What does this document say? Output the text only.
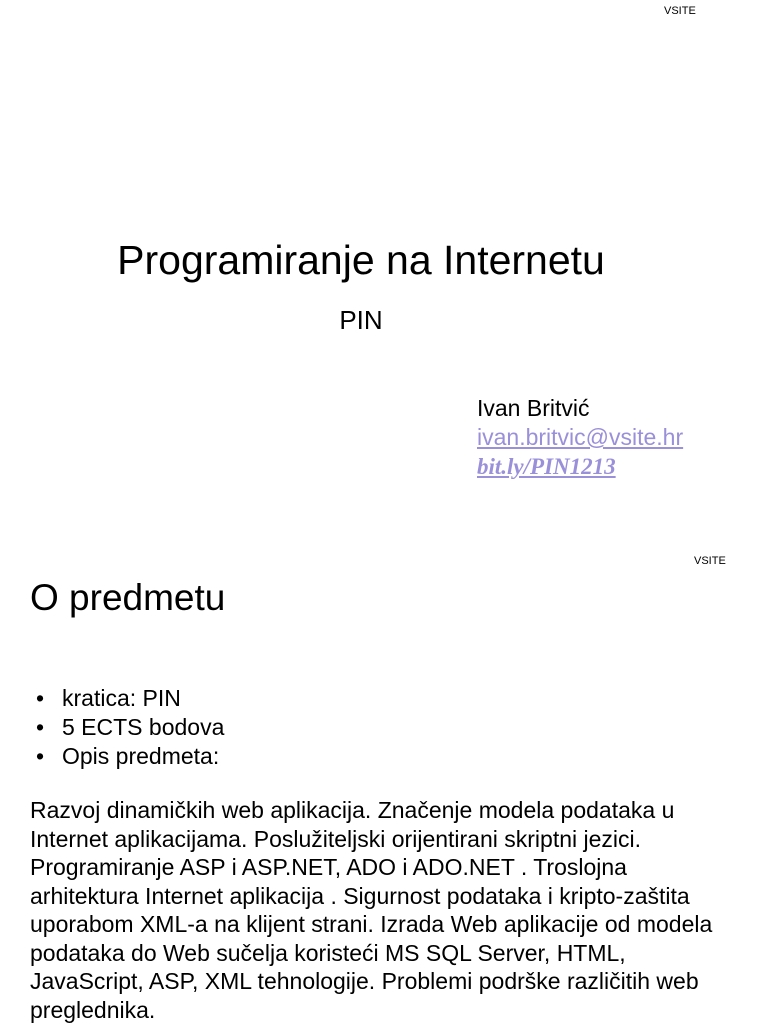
VSITE
Programiranje na Internetu
PIN
Ivan Britvić
ivan.britvic@vsite.hr
bit.ly/PIN1213
VSITE
O predmetu
• kratica: PIN
• 5 ECTS bodova
• Opis predmeta:

Razvoj dinamičkih web aplikacija. Značenje modela podataka u Internet aplikacijama. Poslužiteljski orijentirani skriptni jezici. Programiranje ASP i ASP.NET, ADO i ADO.NET . Troslojna arhitektura Internet aplikacija . Sigurnost podataka i kripto-zaštita uporabom XML-a na klijent strani. Izrada Web aplikacije od modela podataka do Web sučelja koristeći MS SQL Server, HTML, JavaScript, ASP, XML tehnologije. Problemi podrške različitih web preglednika.
